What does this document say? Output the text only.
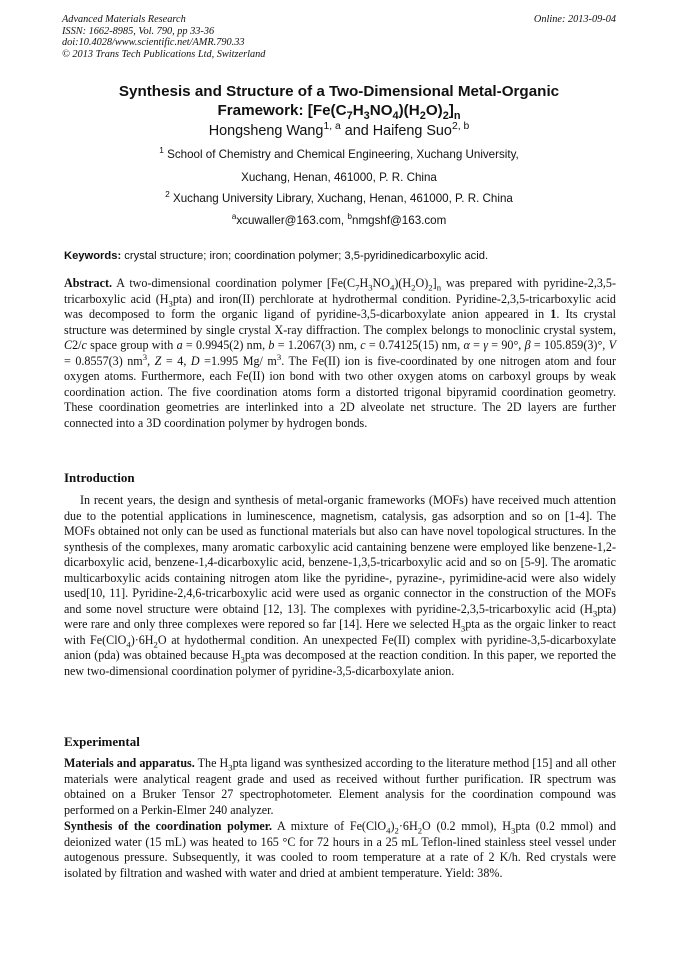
Advanced Materials Research
ISSN: 1662-8985, Vol. 790, pp 33-36
doi:10.4028/www.scientific.net/AMR.790.33
© 2013 Trans Tech Publications Ltd, Switzerland
Online: 2013-09-04
Synthesis and Structure of a Two-Dimensional Metal-Organic
Framework: $[Fe(C_7H_3NO_4)(H_2O)_2]_n$
Hongsheng Wang$^{1, a}$ and Haifeng Suo$^{2, b}$
$^1$ School of Chemistry and Chemical Engineering, Xuchang University,
Xuchang, Henan, 461000, P. R. China
$^2$ Xuchang University Library, Xuchang, Henan, 461000, P. R. China
$^a$xcuwaller@163.com, $^b$nmgshf@163.com
Keywords: crystal structure; iron; coordination polymer; 3,5-pyridinedicarboxylic acid.
Abstract. A two-dimensional coordination polymer $[Fe(C_7H_3NO_4)(H_2O)_2]_n$ was prepared with pyridine-2,3,5-tricarboxylic acid $(H_3pta)$ and iron(II) perchlorate at hydrothermal condition. Pyridine-2,3,5-tricarboxylic acid was decomposed to form the organic ligand of pyridine-3,5-dicarboxylate anion appeared in 1. Its crystal structure was determined by single crystal X-ray diffraction. The complex belongs to monoclinic crystal system, C2/c space group with a = 0.9945(2) nm, b = 1.2067(3) nm, c = 0.74125(15) nm, α = γ = 90°, β = 105.859(3)°, V = 0.8557(3) $nm^3$, Z = 4, D =1.995 Mg/ $m^3$. The Fe(II) ion is five-coordinated by one nitrogen atom and four oxygen atoms. Furthermore, each Fe(II) ion bond with two other oxygen atoms on carboxyl groups by weak coordination action. The five coordination atoms form a distorted trigonal bipyramid coordination geometry. These coordination geometries are interlinked into a 2D alveolate net structure. The 2D layers are further connected into a 3D coordination polymer by hydrogen bonds.
Introduction
In recent years, the design and synthesis of metal-organic frameworks (MOFs) have received much attention due to the potential applications in luminescence, magnetism, catalysis, gas adsorption and so on [1-4]. The MOFs obtained not only can be used as functional materials but also can have novel topological structures. In the synthesis of the complexes, many aromatic carboxylic acid cantaining benzene were employed like benzene-1,2-dicarboxylic acid, benzene-1,4-dicarboxylic acid, benzene-1,3,5-tricarboxylic acid and so on [5-9]. The aromatic multicarboxylic acids containing nitrogen atom like the pyridine-, pyrazine-, pyrimidine-acid were also widely used[10, 11]. Pyridine-2,4,6-tricarboxylic acid were used as organic connector in the construction of the MOFs and some novel structure were obtaind [12, 13]. The complexes with pyridine-2,3,5-tricarboxylic acid $(H_3pta)$ were rare and only three complexes were repored so far [14]. Here we selected $H_3pta$ as the orgaic linker to react with $Fe(ClO_4)\cdot 6H_2O$ at hydothermal condition. An unexpected Fe(II) complex with pyridine-3,5-dicarboxylate anion (pda) was obtained because $H_3pta$ was decomposed at the reaction condition. In this paper, we reported the new two-dimensional coordination polymer of pyridine-3,5-dicarboxylate anion.
Experimental
Materials and apparatus. The $H_3pta$ ligand was synthesized according to the literature method [15] and all other materials were analytical reagent grade and used as received without further purification. IR spectrum was obtained on a Bruker Tensor 27 spectrophotometer. Element analysis for the coordination compound was performed on a Perkin-Elmer 240 analyzer.
Synthesis of the coordination polymer. A mixture of $Fe(ClO_4)_2\cdot 6H_2O$ (0.2 mmol), $H_3pta$ (0.2 mmol) and deionized water (15 mL) was heated to 165 °C for 72 hours in a 25 mL Teflon-lined stainless steel vessel under autogenous pressure. Subsequently, it was cooled to room temperature at a rate of 2 K/h. Red crystals were isolated by filtration and washed with water and dried at ambient temperature. Yield: 38%.
